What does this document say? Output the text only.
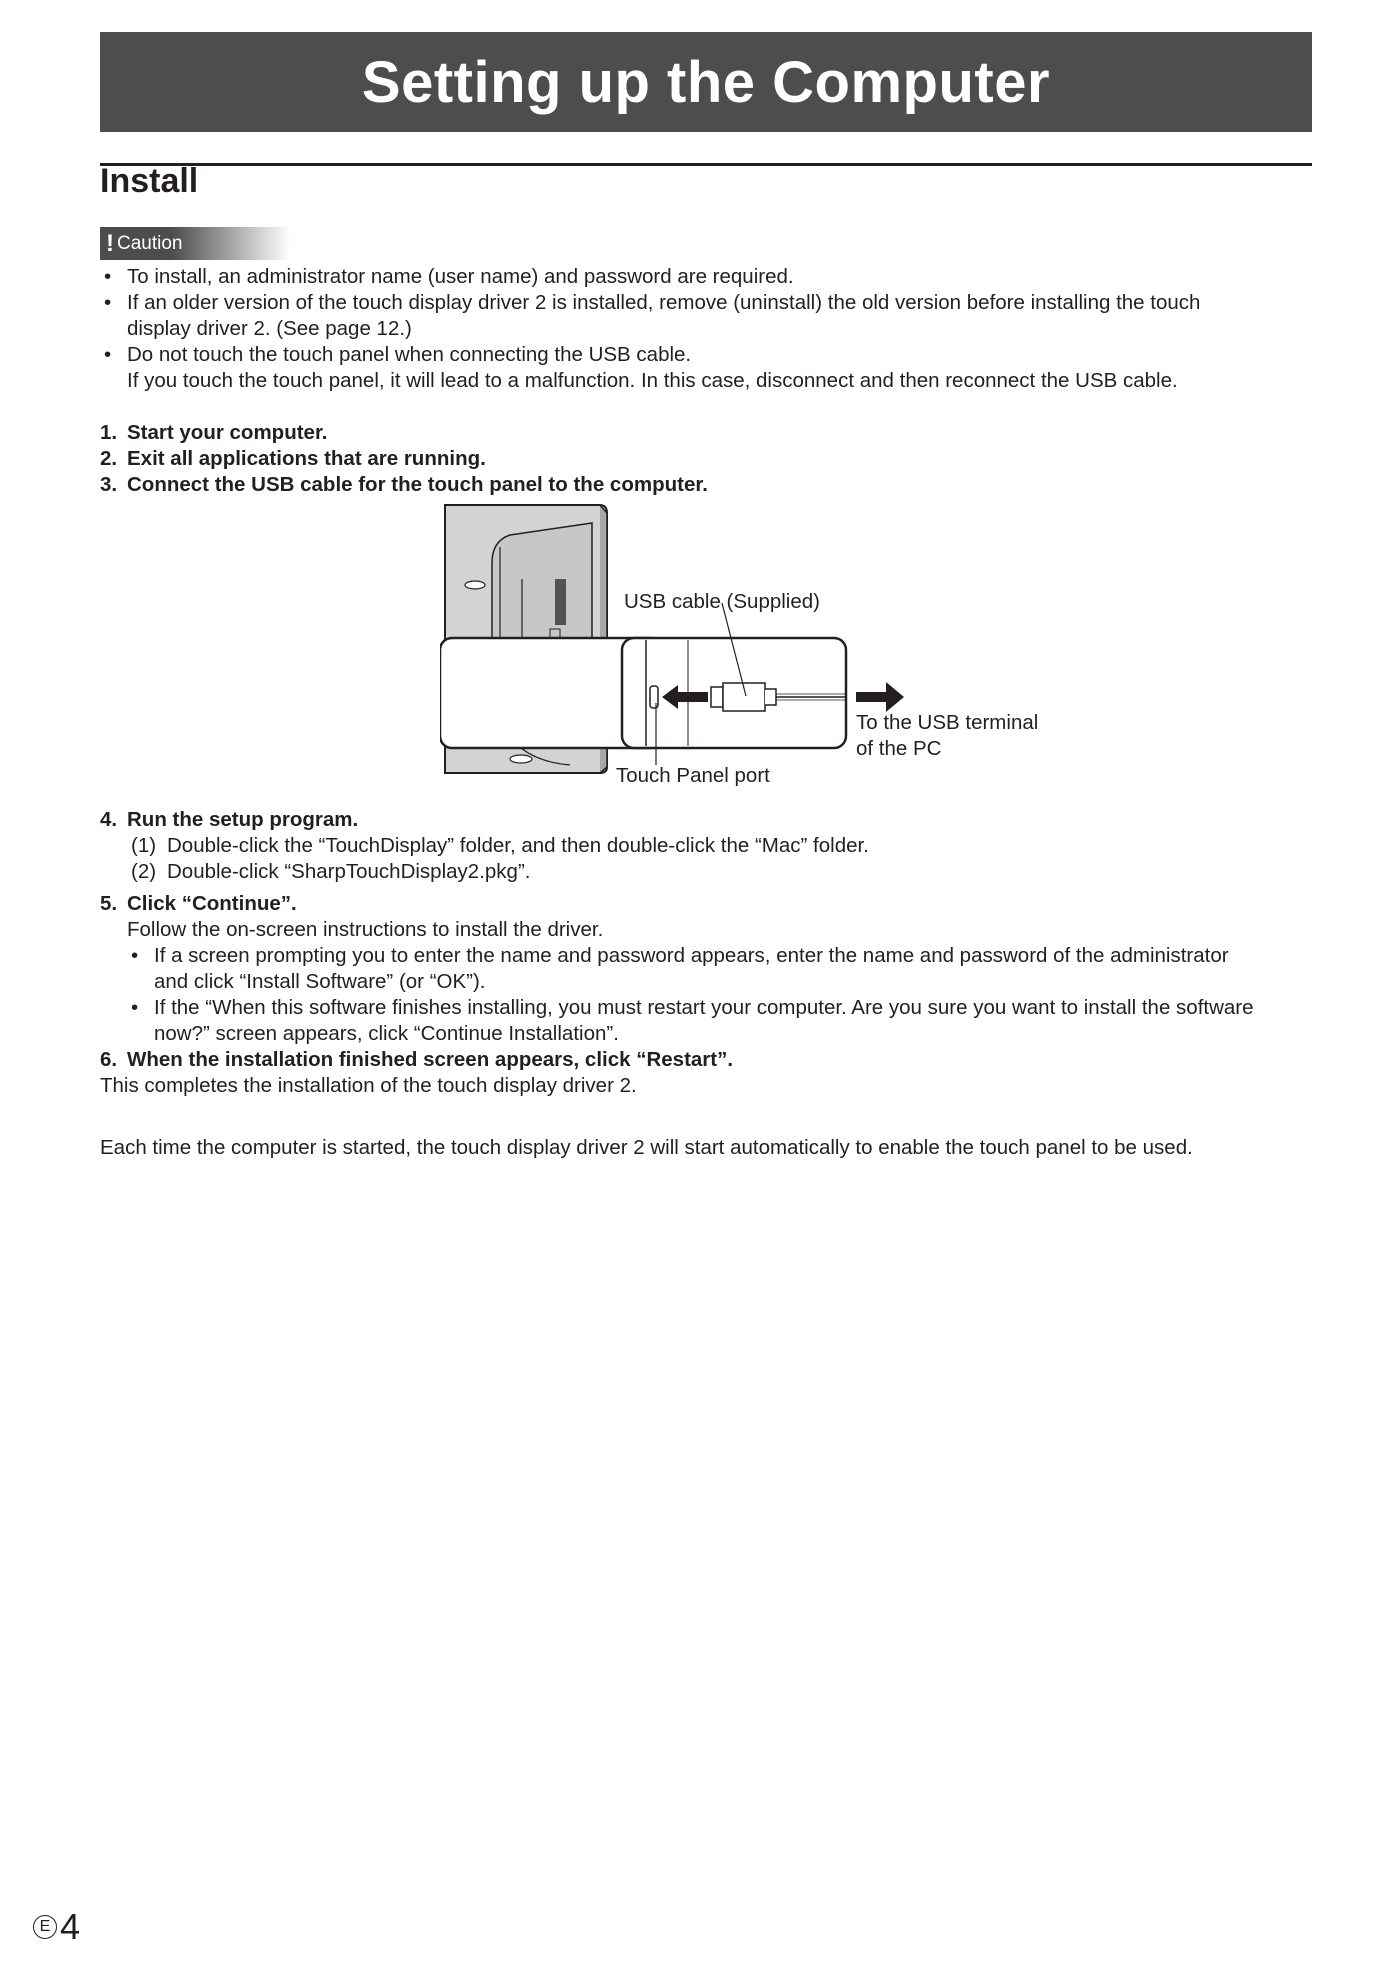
Setting up the Computer
Install
! Caution
• To install, an administrator name (user name) and password are required.
• If an older version of the touch display driver 2 is installed, remove (uninstall) the old version before installing the touch
display driver 2. (See page 12.)
• Do not touch the touch panel when connecting the USB cable.
If you touch the touch panel, it will lead to a malfunction. In this case, disconnect and then reconnect the USB cable.
1. Start your computer.
2. Exit all applications that are running.
3. Connect the USB cable for the touch panel to the computer.
USB cable (Supplied)
To the USB terminal
of the PC
Touch Panel port
4. Run the setup program.
(1) Double-click the “TouchDisplay” folder, and then double-click the “Mac” folder.
(2) Double-click “SharpTouchDisplay2.pkg”.
5. Click “Continue”.
Follow the on-screen instructions to install the driver.
• If a screen prompting you to enter the name and password appears, enter the name and password of the administrator
and click “Install Software” (or “OK”).
• If the “When this software finishes installing, you must restart your computer. Are you sure you want to install the software
now?” screen appears, click “Continue Installation”.
6. When the installation finished screen appears, click “Restart”.
This completes the installation of the touch display driver 2.
Each time the computer is started, the touch display driver 2 will start automatically to enable the touch panel to be used.
E 4
